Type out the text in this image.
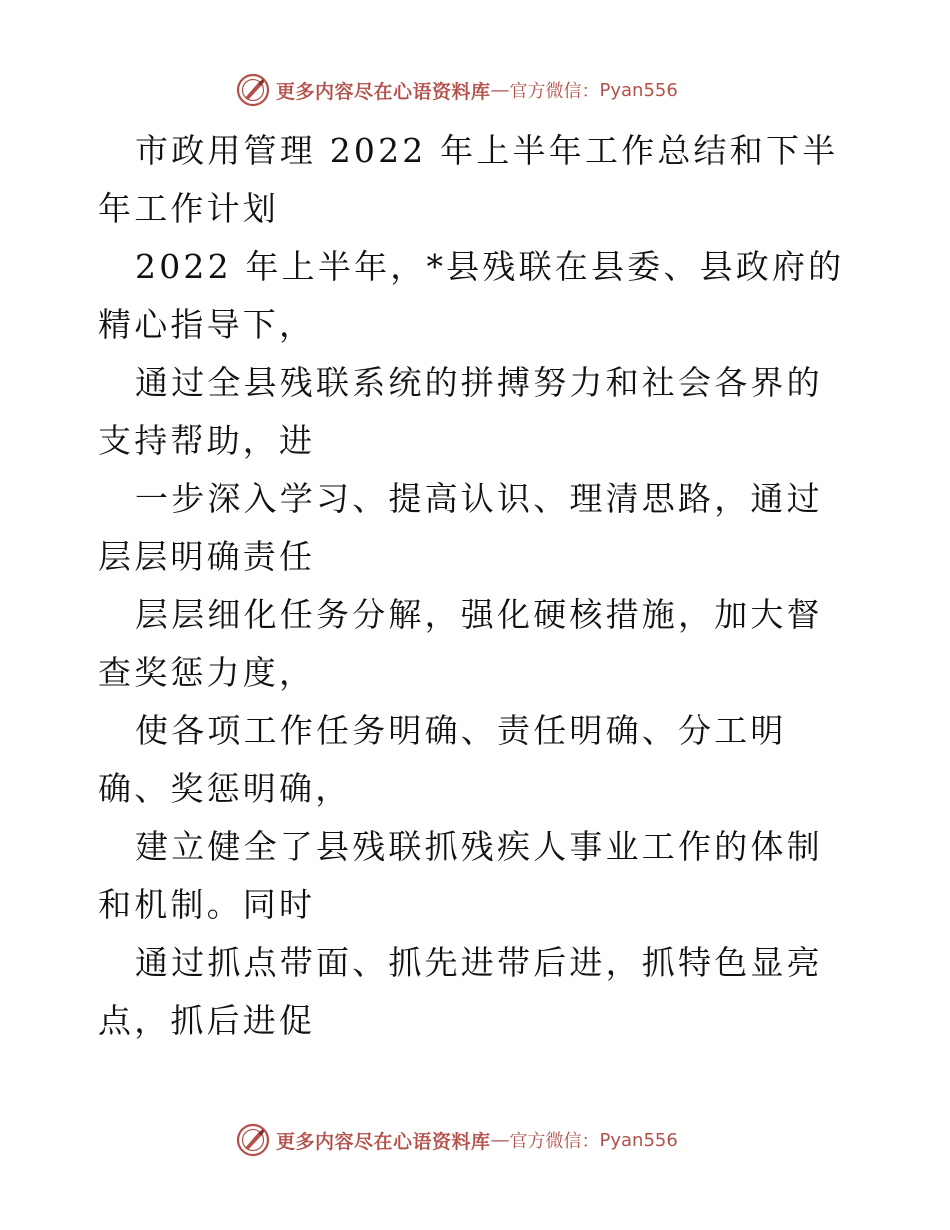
更多内容尽在心语资料库 — 官方微信： Pyan556

市政用管理 2022 年上半年工作总结和下半年工作计划

2022 年上半年，*县残联在县委、县政府的精心指导下，

通过全县残联系统的拼搏努力和社会各界的支持帮助，进

一步深入学习、提高认识、理清思路，通过层层明确责任

层层细化任务分解，强化硬核措施，加大督查奖惩力度，

使各项工作任务明确、责任明确、分工明确、奖惩明确，

建立健全了县残联抓残疾人事业工作的体制和机制。同时

通过抓点带面、抓先进带后进，抓特色显亮点，抓后进促

更多内容尽在心语资料库 — 官方微信： Pyan556
